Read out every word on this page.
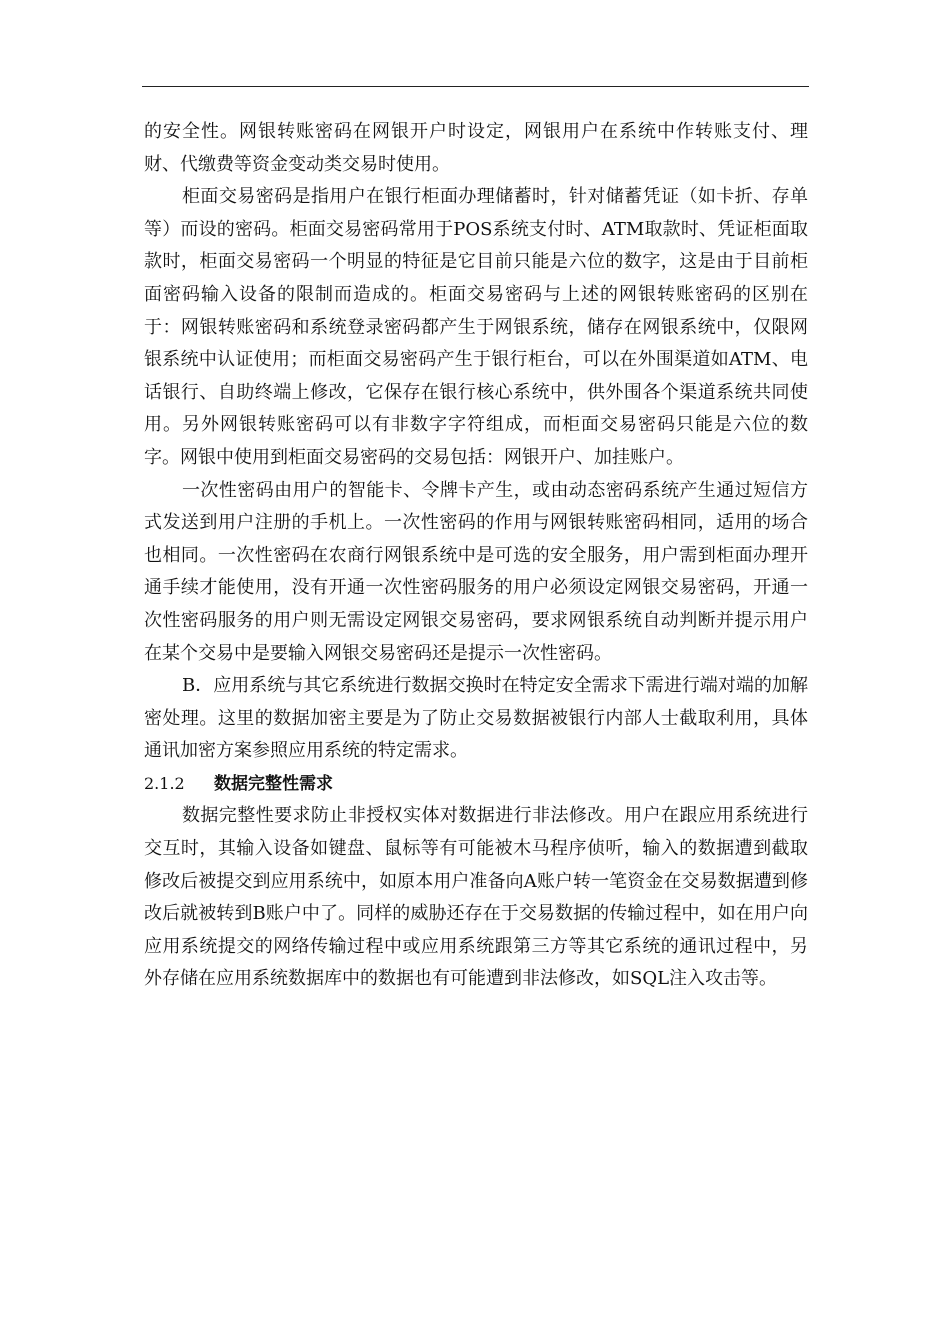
的安全性。网银转账密码在网银开户时设定，网银用户在系统中作转账支付、理财、代缴费等资金变动类交易时使用。

柜面交易密码是指用户在银行柜面办理储蓄时，针对储蓄凭证（如卡折、存单等）而设的密码。柜面交易密码常用于POS系统支付时、ATM取款时、凭证柜面取款时，柜面交易密码一个明显的特征是它目前只能是六位的数字，这是由于目前柜面密码输入设备的限制而造成的。柜面交易密码与上述的网银转账密码的区别在于：网银转账密码和系统登录密码都产生于网银系统，储存在网银系统中，仅限网银系统中认证使用；而柜面交易密码产生于银行柜台，可以在外围渠道如ATM、电话银行、自助终端上修改，它保存在银行核心系统中，供外围各个渠道系统共同使用。另外网银转账密码可以有非数字字符组成，而柜面交易密码只能是六位的数字。网银中使用到柜面交易密码的交易包括：网银开户、加挂账户。

一次性密码由用户的智能卡、令牌卡产生，或由动态密码系统产生通过短信方式发送到用户注册的手机上。一次性密码的作用与网银转账密码相同，适用的场合也相同。一次性密码在农商行网银系统中是可选的安全服务，用户需到柜面办理开通手续才能使用，没有开通一次性密码服务的用户必须设定网银交易密码，开通一次性密码服务的用户则无需设定网银交易密码，要求网银系统自动判断并提示用户在某个交易中是要输入网银交易密码还是提示一次性密码。

B．应用系统与其它系统进行数据交换时在特定安全需求下需进行端对端的加解密处理。这里的数据加密主要是为了防止交易数据被银行内部人士截取利用，具体通讯加密方案参照应用系统的特定需求。

2.1.2	数据完整性需求

数据完整性要求防止非授权实体对数据进行非法修改。用户在跟应用系统进行交互时，其输入设备如键盘、鼠标等有可能被木马程序侦听，输入的数据遭到截取修改后被提交到应用系统中，如原本用户准备向A账户转一笔资金在交易数据遭到修改后就被转到B账户中了。同样的威胁还存在于交易数据的传输过程中，如在用户向应用系统提交的网络传输过程中或应用系统跟第三方等其它系统的通讯过程中，另外存储在应用系统数据库中的数据也有可能遭到非法修改，如SQL注入攻击等。
